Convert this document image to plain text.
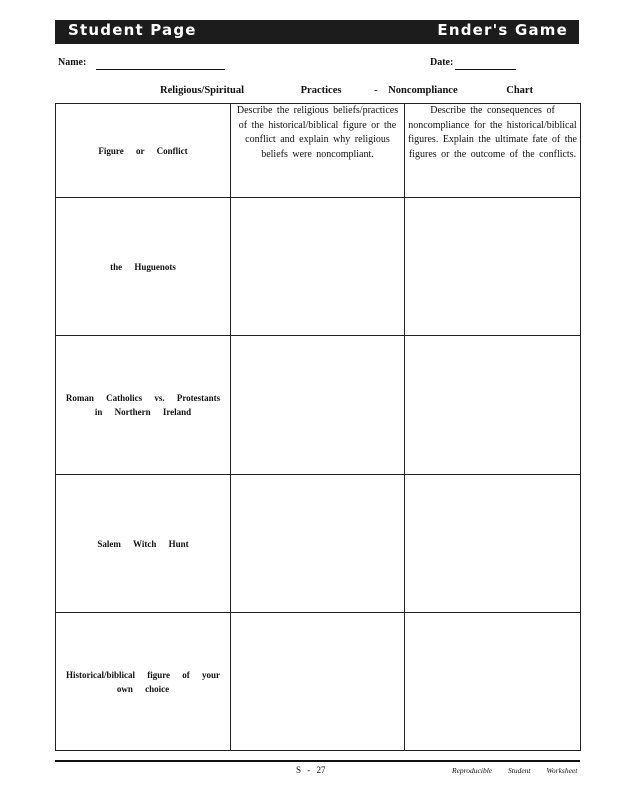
Student Page	Ender's Game
Name:	Date:
Religious/Spiritual	Practices	- Noncompliance	Chart
Figure or Conflict	Describe the religious beliefs/practices of the historical/biblical figure or the conflict and explain why religious beliefs were noncompliant.	Describe the consequences of noncompliance for the historical/biblical figures. Explain the ultimate fate of the figures or the outcome of the conflicts.
the Huguenots		
Roman Catholics vs. Protestants in Northern Ireland		
Salem Witch Hunt		
Historical/biblical figure of your own choice		
S - 27	Reproducible Student Worksheet
